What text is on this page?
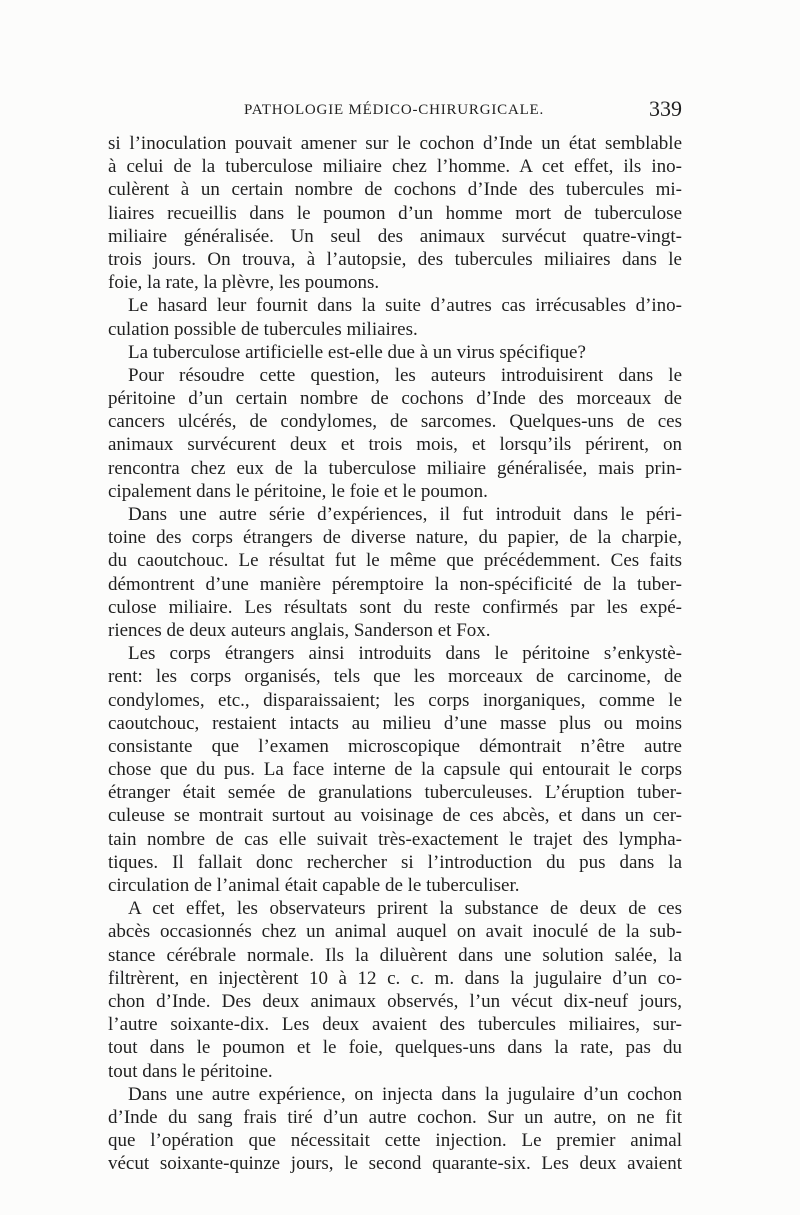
PATHOLOGIE MÉDICO-CHIRURGICALE.	339
si l’inoculation pouvait amener sur le cochon d’Inde un état semblable
à celui de la tuberculose miliaire chez l’homme. A cet effet, ils ino-
culèrent à un certain nombre de cochons d’Inde des tubercules mi-
liaires recueillis dans le poumon d’un homme mort de tuberculose
miliaire généralisée. Un seul des animaux survécut quatre-vingt-
trois jours. On trouva, à l’autopsie, des tubercules miliaires dans le
foie, la rate, la plèvre, les poumons.
Le hasard leur fournit dans la suite d’autres cas irrécusables d’ino-
culation possible de tubercules miliaires.
La tuberculose artificielle est-elle due à un virus spécifique?
Pour résoudre cette question, les auteurs introduisirent dans le
péritoine d’un certain nombre de cochons d’Inde des morceaux de
cancers ulcérés, de condylomes, de sarcomes. Quelques-uns de ces
animaux survécurent deux et trois mois, et lorsqu’ils périrent, on
rencontra chez eux de la tuberculose miliaire généralisée, mais prin-
cipalement dans le péritoine, le foie et le poumon.
Dans une autre série d’expériences, il fut introduit dans le péri-
toine des corps étrangers de diverse nature, du papier, de la charpie,
du caoutchouc. Le résultat fut le même que précédemment. Ces faits
démontrent d’une manière péremptoire la non-spécificité de la tuber-
culose miliaire. Les résultats sont du reste confirmés par les expé-
riences de deux auteurs anglais, Sanderson et Fox.
Les corps étrangers ainsi introduits dans le péritoine s’enkystè-
rent: les corps organisés, tels que les morceaux de carcinome, de
condylomes, etc., disparaissaient; les corps inorganiques, comme le
caoutchouc, restaient intacts au milieu d’une masse plus ou moins
consistante que l’examen microscopique démontrait n’être autre
chose que du pus. La face interne de la capsule qui entourait le corps
étranger était semée de granulations tuberculeuses. L’éruption tuber-
culeuse se montrait surtout au voisinage de ces abcès, et dans un cer-
tain nombre de cas elle suivait très-exactement le trajet des lympha-
tiques. Il fallait donc rechercher si l’introduction du pus dans la
circulation de l’animal était capable de le tuberculiser.
A cet effet, les observateurs prirent la substance de deux de ces
abcès occasionnés chez un animal auquel on avait inoculé de la sub-
stance cérébrale normale. Ils la diluèrent dans une solution salée, la
filtrèrent, en injectèrent 10 à 12 c. c. m. dans la jugulaire d’un co-
chon d’Inde. Des deux animaux observés, l’un vécut dix-neuf jours,
l’autre soixante-dix. Les deux avaient des tubercules miliaires, sur-
tout dans le poumon et le foie, quelques-uns dans la rate, pas du
tout dans le péritoine.
Dans une autre expérience, on injecta dans la jugulaire d’un cochon
d’Inde du sang frais tiré d’un autre cochon. Sur un autre, on ne fit
que l’opération que nécessitait cette injection. Le premier animal
vécut soixante-quinze jours, le second quarante-six. Les deux avaient
